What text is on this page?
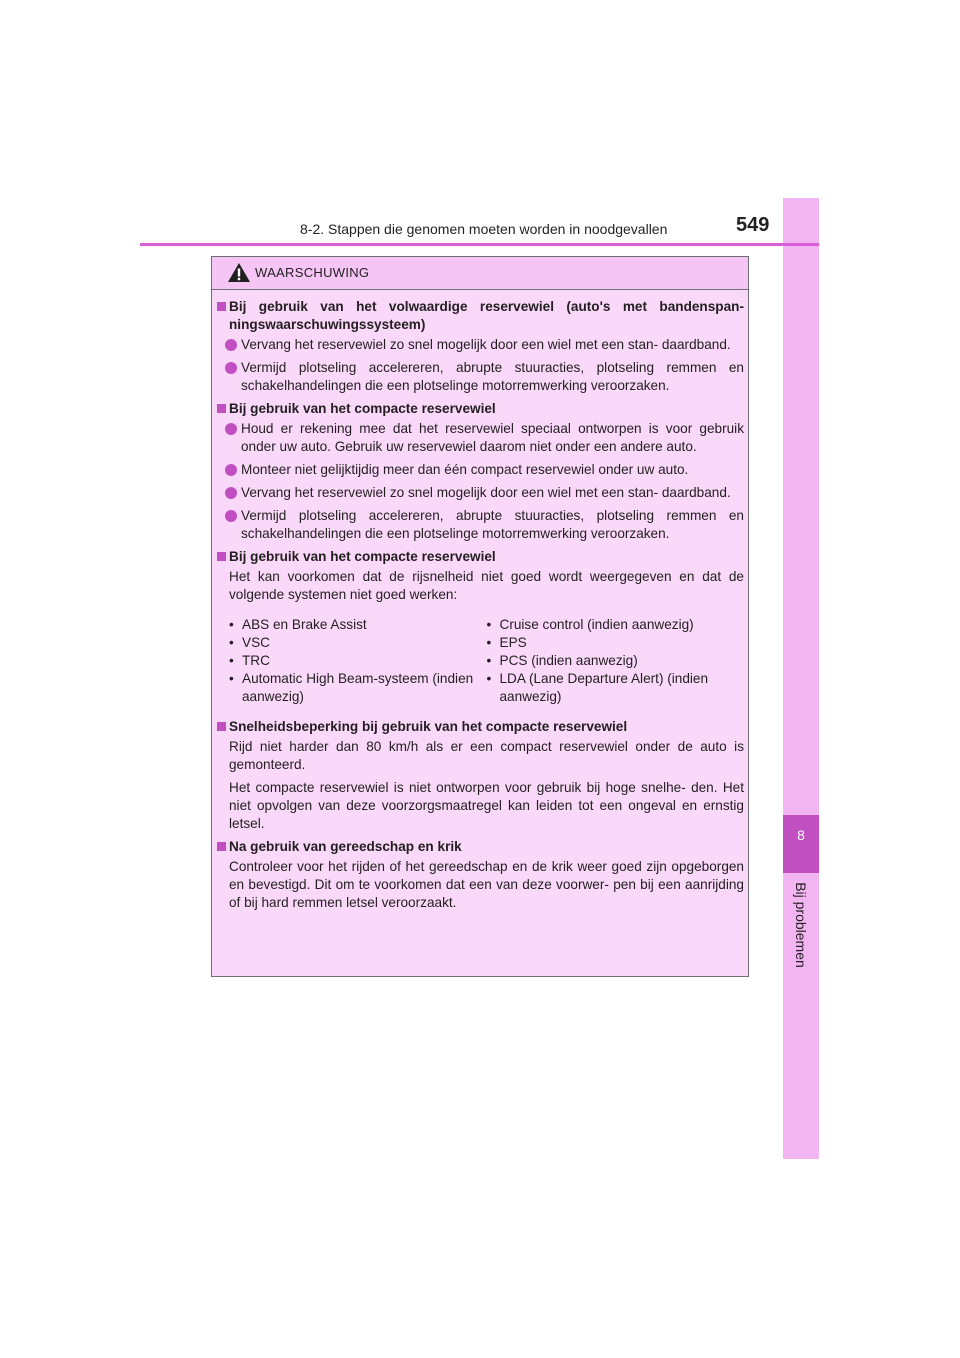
8
Bij problemen
8-2. Stappen die genomen moeten worden in noodgevallen	549
WAARSCHUWING
Bij gebruik van het volwaardige reservewiel (auto's met bandenspan- ningswaarschuwingssysteem)
Vervang het reservewiel zo snel mogelijk door een wiel met een stan- daardband.
Vermijd plotseling accelereren, abrupte stuuracties, plotseling remmen en schakelhandelingen die een plotselinge motorremwerking veroorzaken.
Bij gebruik van het compacte reservewiel
Houd er rekening mee dat het reservewiel speciaal ontworpen is voor gebruik onder uw auto. Gebruik uw reservewiel daarom niet onder een andere auto.
Monteer niet gelijktijdig meer dan één compact reservewiel onder uw auto.
Vervang het reservewiel zo snel mogelijk door een wiel met een stan- daardband.
Vermijd plotseling accelereren, abrupte stuuracties, plotseling remmen en schakelhandelingen die een plotselinge motorremwerking veroorzaken.
Bij gebruik van het compacte reservewiel
Het kan voorkomen dat de rijsnelheid niet goed wordt weergegeven en dat de volgende systemen niet goed werken:
• ABS en Brake Assist
• VSC
• TRC
• Automatic High Beam-systeem (indien aanwezig)
• Cruise control (indien aanwezig)
• EPS
• PCS (indien aanwezig)
• LDA (Lane Departure Alert) (indien aanwezig)
Snelheidsbeperking bij gebruik van het compacte reservewiel
Rijd niet harder dan 80 km/h als er een compact reservewiel onder de auto is gemonteerd.
Het compacte reservewiel is niet ontworpen voor gebruik bij hoge snelhe- den. Het niet opvolgen van deze voorzorgsmaatregel kan leiden tot een ongeval en ernstig letsel.
Na gebruik van gereedschap en krik
Controleer voor het rijden of het gereedschap en de krik weer goed zijn opgeborgen en bevestigd. Dit om te voorkomen dat een van deze voorwer- pen bij een aanrijding of bij hard remmen letsel veroorzaakt.
